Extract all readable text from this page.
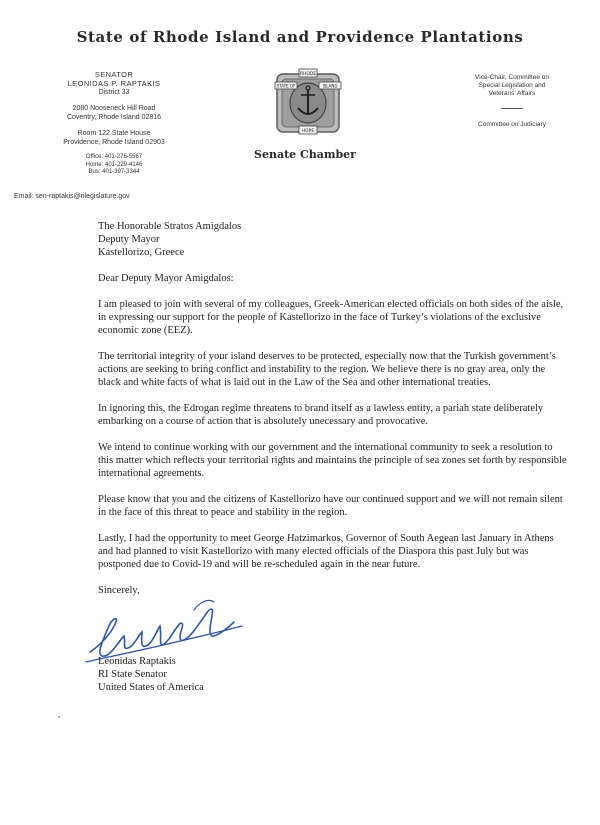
State of Rhode Island and Providence Plantations
SENATOR
LEONIDAS P. RAPTAKIS
District 33
2080 Nooseneck Hill Road
Coventry, Rhode Island 02816
Room 122 State House
Providence, Rhode Island 02903
Office: 401-276-5567
Home: 401-229-4146
Bus: 401-397-3344
Email: sen-raptakis@rilegislature.gov
RHODE
STATE OF	ISLAND
HOPE
Senate Chamber
Vice-Chair, Committee on
Special Legislation and
Veterans' Affairs
Committee on Judiciary
The Honorable Stratos Amigdalos
Deputy Mayor
Kastellorizo, Greece

Dear Deputy Mayor Amigdalos:

I am pleased to join with several of my colleagues, Greek-American elected officials on both sides of the aisle, in expressing our support for the people of Kastellorizo in the face of Turkey’s violations of the exclusive economic zone (EEZ).

The territorial integrity of your island deserves to be protected, especially now that the Turkish government’s actions are seeking to bring conflict and instability to the region. We believe there is no gray area, only the black and white facts of what is laid out in the Law of the Sea and other international treaties.

In ignoring this, the Edrogan regime threatens to brand itself as a lawless entity, a pariah state deliberately embarking on a course of action that is absolutely unecessary and provocative.

We intend to continue working with our government and the international community to seek a resolution to this matter which reflects your territorial rights and maintains the principle of sea zones set forth by responsible international agreements.

Please know that you and the citizens of Kastellorizo have our continued support and we will not remain silent in the face of this threat to peace and stability in the region.

Lastly, I had the opportunity to meet George Hatzimarkos, Governor of South Aegean last January in Athens and had planned to visit Kastellorizo with many elected officials of the Diaspora this past July but was postponed due to Covid-19 and will be re-scheduled again in the near future.

Sincerely,

Leonidas Raptakis
RI State Senator
United States of America
